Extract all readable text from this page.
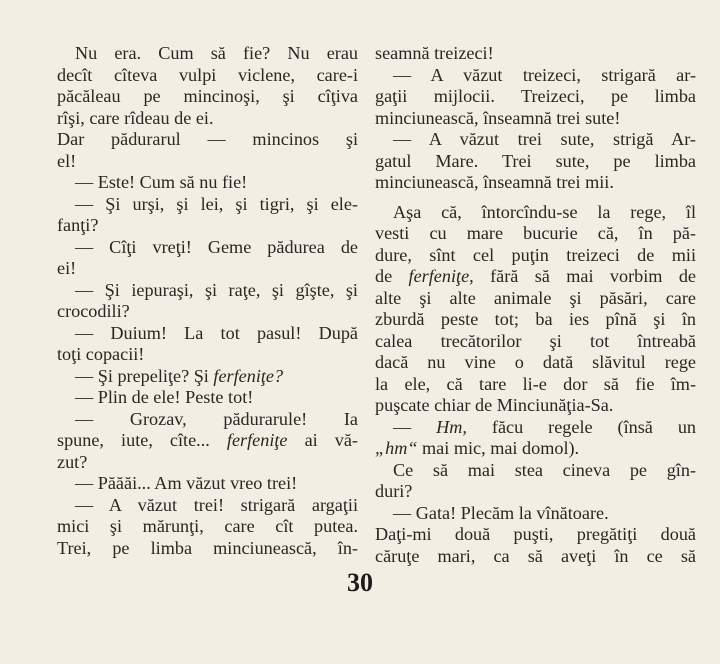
Nu era. Cum să fie? Nu erau
decît cîteva vulpi viclene, care-i
păcăleau pe mincinoşi, şi cîţiva
rîşi, care rîdeau de ei.
Dar pădurarul — mincinos şi
el!
— Este! Cum să nu fie!
— Şi urşi, şi lei, şi tigri, şi ele-
fanţi?
— Cîţi vreţi! Geme pădurea de
ei!
— Şi iepuraşi, şi raţe, şi gîşte, şi
crocodili?
— Duium! La tot pasul! După
toţi copacii!
— Şi prepeliţe? Şi ferfeniţe?
— Plin de ele! Peste tot!
— Grozav, pădurarule! Ia
spune, iute, cîte... ferfeniţe ai vă-
zut?
— Păăăi... Am văzut vreo trei!
— A văzut trei! strigară argaţii
mici şi mărunţi, care cît putea.
Trei, pe limba minciunească, în-
seamnă treizeci!
— A văzut treizeci, strigară ar-
gaţii mijlocii. Treizeci, pe limba
minciunească, înseamnă trei sute!
— A văzut trei sute, strigă Ar-
gatul Mare. Trei sute, pe limba
minciunească, înseamnă trei mii.
Aşa că, întorcîndu-se la rege, îl
vesti cu mare bucurie că, în pă-
dure, sînt cel puţin treizeci de mii
de ferfeniţe, fără să mai vorbim de
alte şi alte animale şi păsări, care
zburdă peste tot; ba ies pînă şi în
calea trecătorilor şi tot întreabă
dacă nu vine o dată slăvitul rege
la ele, că tare li-e dor să fie îm-
puşcate chiar de Minciunăţia-Sa.
— Hm, făcu regele (însă un
„hm“ mai mic, mai domol).
Ce să mai stea cineva pe gîn-
duri?
— Gata! Plecăm la vînătoare.
Daţi-mi două puşti, pregătiţi două
căruţe mari, ca să aveţi în ce să
30
